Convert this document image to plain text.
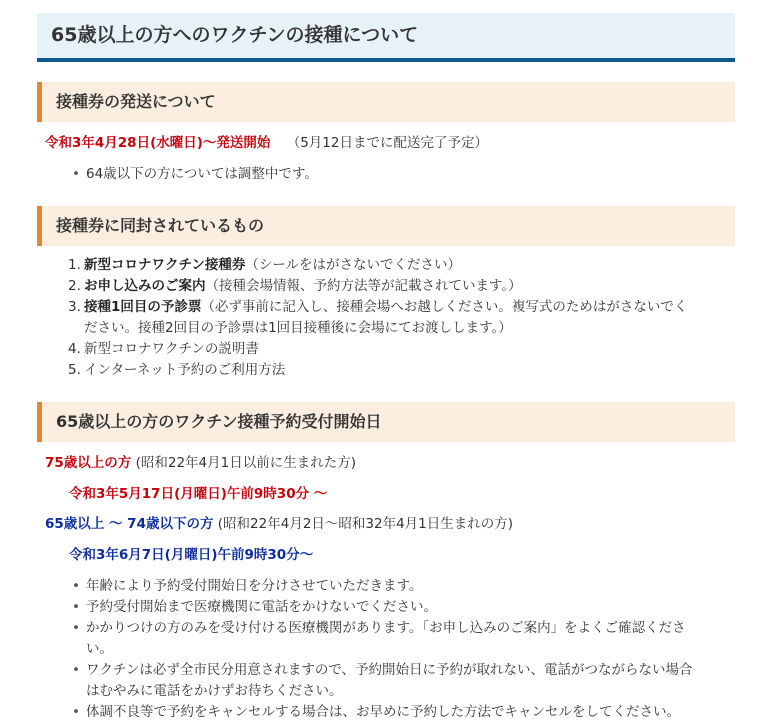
65歳以上の方へのワクチンの接種について
接種券の発送について
令和3年4月28日(水曜日)～発送開始 （5月12日までに配送完了予定）
• 64歳以下の方については調整中です。
接種券に同封されているもの
1. 新型コロナワクチン接種券（シールをはがさないでください）
2. お申し込みのご案内（接種会場情報、予約方法等が記載されています。）
3. 接種1回目の予診票（必ず事前に記入し、接種会場へお越しください。複写式のためはがさないでく
ださい。接種2回目の予診票は1回目接種後に会場にてお渡しします。）
4. 新型コロナワクチンの説明書
5. インターネット予約のご利用方法
65歳以上の方のワクチン接種予約受付開始日
75歳以上の方 (昭和22年4月1日以前に生まれた方)
令和3年5月17日(月曜日)午前9時30分 ～
65歳以上 ～ 74歳以下の方 (昭和22年4月2日～昭和32年4月1日生まれの方)
令和3年6月7日(月曜日)午前9時30分～
• 年齢により予約受付開始日を分けさせていただきます。
• 予約受付開始まで医療機関に電話をかけないでください。
• かかりつけの方のみを受け付ける医療機関があります。「お申し込みのご案内」をよくご確認くださ
い。
• ワクチンは必ず全市民分用意されますので、予約開始日に予約が取れない、電話がつながらない場合
はむやみに電話をかけずお待ちください。
• 体調不良等で予約をキャンセルする場合は、お早めに予約した方法でキャンセルをしてください。
